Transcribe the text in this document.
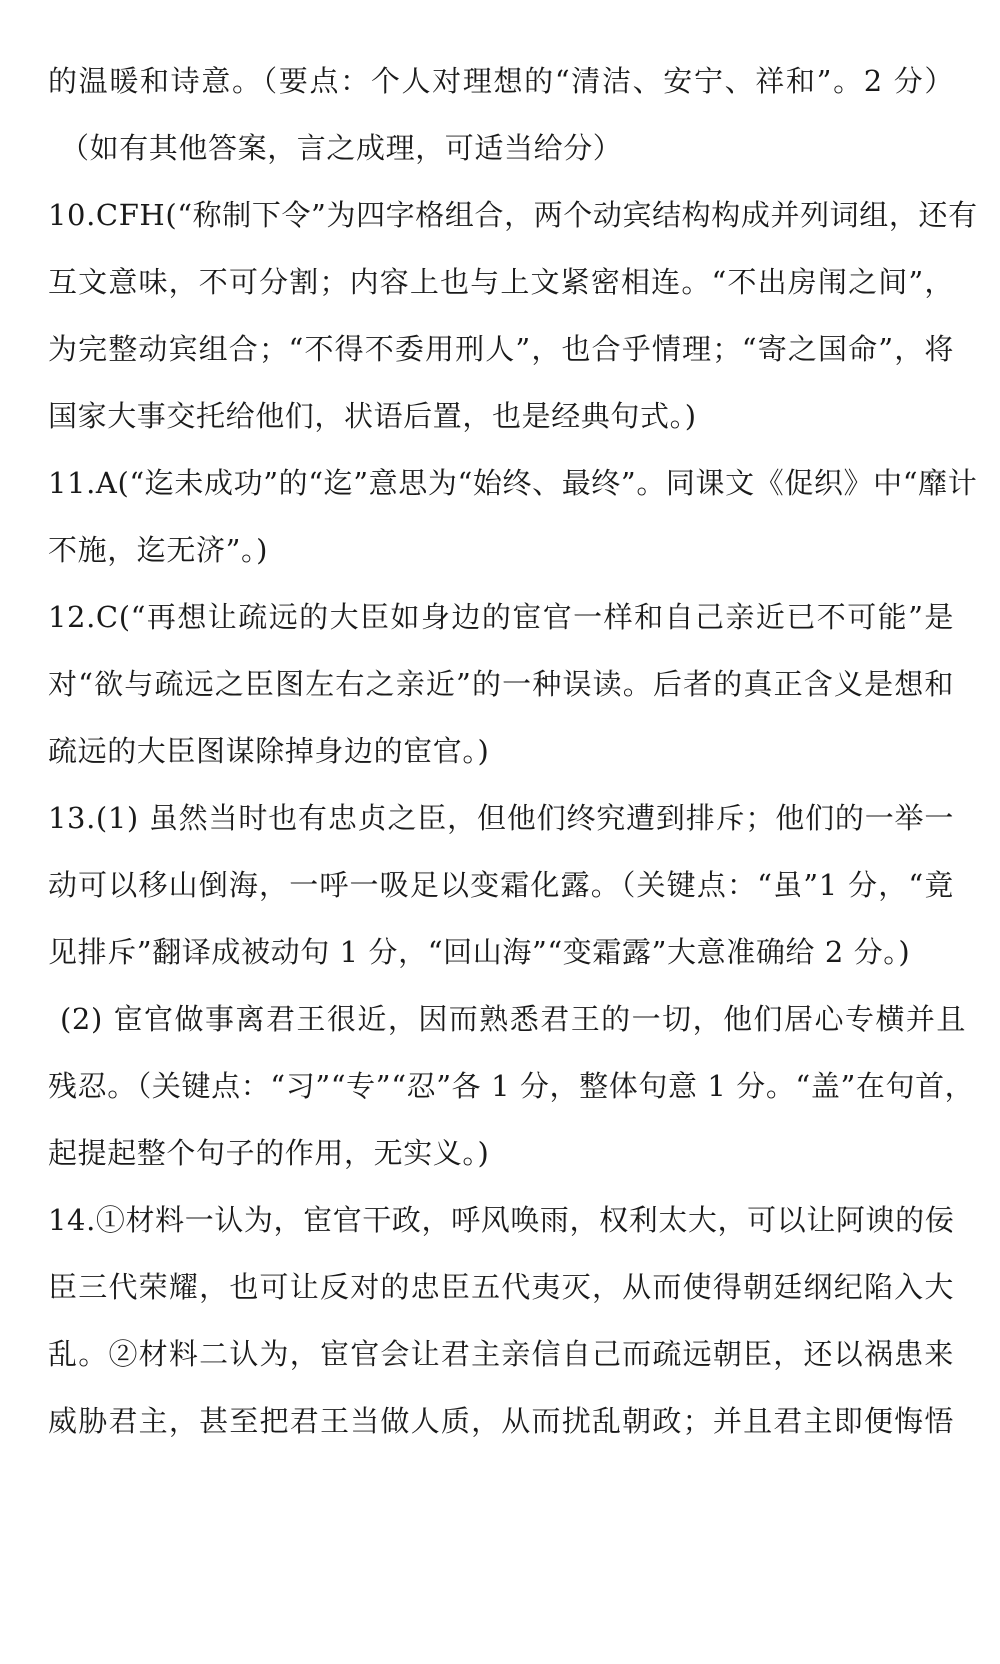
的温暖和诗意。（要点：个人对理想的“清洁、安宁、祥和”。2 分）
（如有其他答案，言之成理，可适当给分）
10.CFH(“称制下令”为四字格组合，两个动宾结构构成并列词组，还有
互文意味，不可分割；内容上也与上文紧密相连。“不出房闱之间”，
为完整动宾组合；“不得不委用刑人”，也合乎情理；“寄之国命”，将
国家大事交托给他们，状语后置，也是经典句式。)
11.A(“迄未成功”的“迄”意思为“始终、最终”。同课文《促织》中“靡计
不施，迄无济”。)
12.C(“再想让疏远的大臣如身边的宦官一样和自己亲近已不可能”是
对“欲与疏远之臣图左右之亲近”的一种误读。后者的真正含义是想和
疏远的大臣图谋除掉身边的宦官。)
13.(1) 虽然当时也有忠贞之臣，但他们终究遭到排斥；他们的一举一
动可以移山倒海，一呼一吸足以变霜化露。（关键点：“虽”1 分，“竟
见排斥”翻译成被动句 1 分，“回山海”“变霜露”大意准确给 2 分。)
(2) 宦官做事离君王很近，因而熟悉君王的一切，他们居心专横并且
残忍。（关键点：“习”“专”“忍”各 1 分，整体句意 1 分。“盖”在句首，
起提起整个句子的作用，无实义。)
14.①材料一认为，宦官干政，呼风唤雨，权利太大，可以让阿谀的佞
臣三代荣耀，也可让反对的忠臣五代夷灭，从而使得朝廷纲纪陷入大
乱。②材料二认为，宦官会让君主亲信自己而疏远朝臣，还以祸患来
威胁君主，甚至把君王当做人质，从而扰乱朝政；并且君主即便悔悟
